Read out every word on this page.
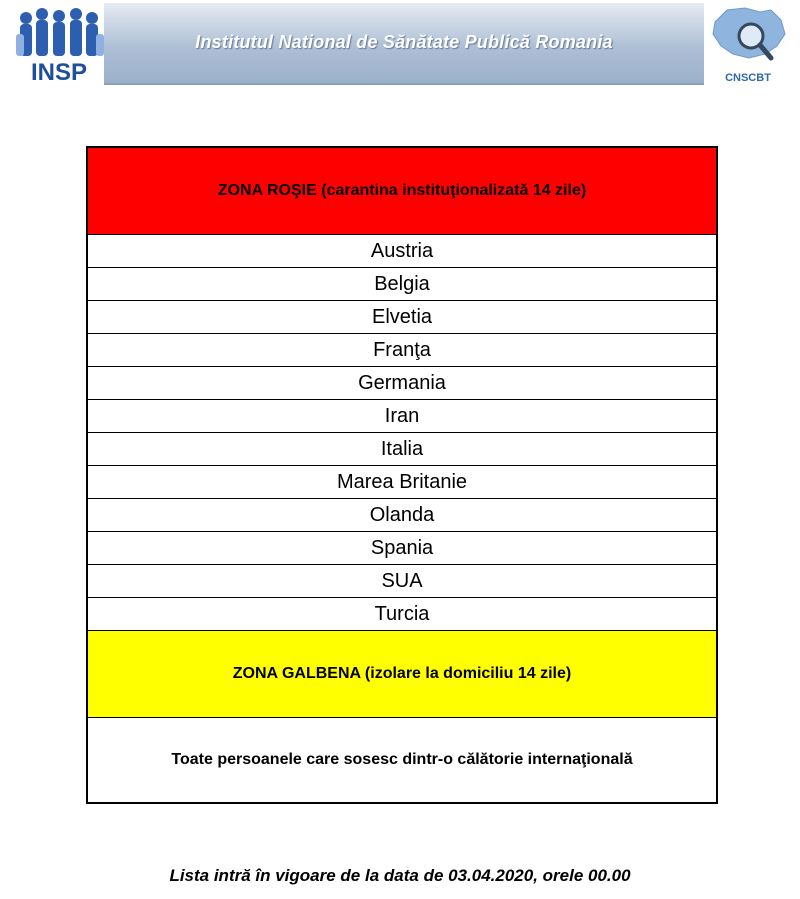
INSP
Institutul National de Sănătate Publică Romania
CNSCBT
ZONA ROŞIE (carantina instituţionalizată 14 zile)
Austria
Belgia
Elvetia
Franţa
Germania
Iran
Italia
Marea Britanie
Olanda
Spania
SUA
Turcia
ZONA GALBENA (izolare la domiciliu 14 zile)
Toate persoanele care sosesc dintr-o călătorie internaţională
Lista intră în vigoare de la data de 03.04.2020, orele 00.00
